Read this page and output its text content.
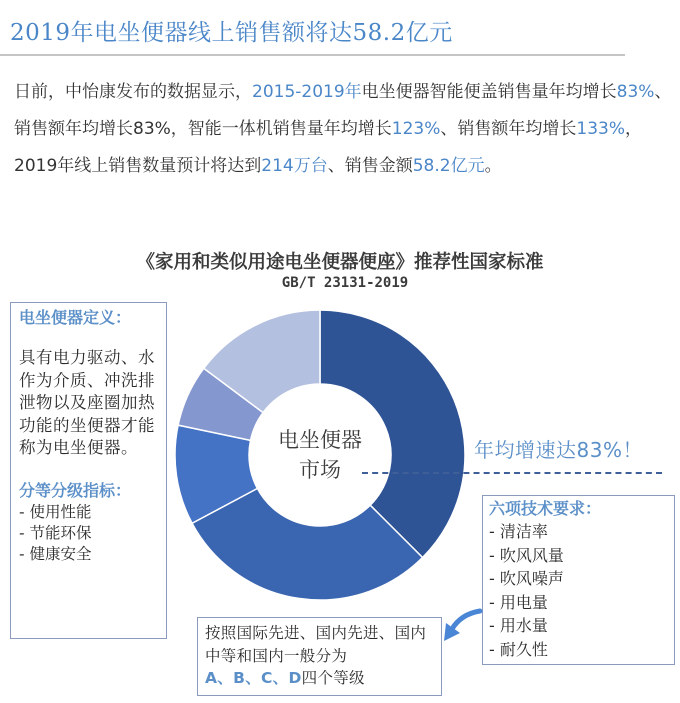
2019年电坐便器线上销售额将达58.2亿元
日前，中怡康发布的数据显示，2015-2019年电坐便器智能便盖销售量年均增长83%、销售额年均增长83%，智能一体机销售量年均增长123%、销售额年均增长133%，2019年线上销售数量预计将达到214万台、销售金额58.2亿元。
《家用和类似用途电坐便器便座》推荐性国家标准
GB/T 23131-2019
电坐便器
市场
年均增速达83%！
电坐便器定义：
具有电力驱动、水作为介质、冲洗排泄物以及座圈加热功能的坐便器才能称为电坐便器。
分等分级指标：
- 使用性能
- 节能环保
- 健康安全
六项技术要求：
- 清洁率
- 吹风风量
- 吹风噪声
- 用电量
- 用水量
- 耐久性
按照国际先进、国内先进、国内中等和国内一般分为
A、B、C、D四个等级
